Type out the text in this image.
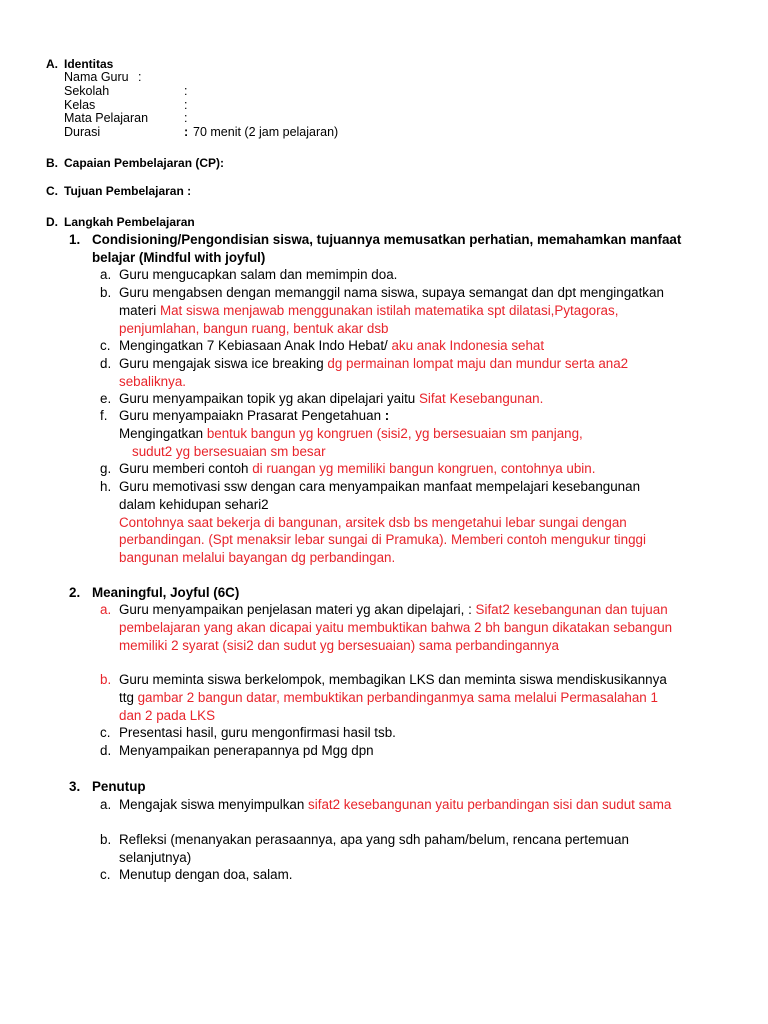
A. Identitas
Nama Guru :
Sekolah	:
Kelas	:
Mata Pelajaran	:
Durasi	: 70 menit (2 jam pelajaran)
B. Capaian Pembelajaran (CP):
C. Tujuan Pembelajaran :
D. Langkah Pembelajaran
1. Condisioning/Pengondisian siswa, tujuannya memusatkan perhatian, memahamkan manfaat belajar (Mindful with joyful)
a. Guru mengucapkan salam dan memimpin doa.
b. Guru mengabsen dengan memanggil nama siswa, supaya semangat dan dpt mengingatkan materi Mat siswa menjawab menggunakan istilah matematika spt dilatasi,Pytagoras, penjumlahan, bangun ruang, bentuk akar dsb
c. Mengingatkan 7 Kebiasaan Anak Indo Hebat/ aku anak Indonesia sehat
d. Guru mengajak siswa ice breaking dg permainan lompat maju dan mundur serta ana2 sebaliknya.
e. Guru menyampaikan topik yg akan dipelajari yaitu Sifat Kesebangunan.
f. Guru menyampaiakn Prasarat Pengetahuan :
Mengingatkan bentuk bangun yg kongruen (sisi2, yg bersesuaian sm panjang,
sudut2 yg bersesuaian sm besar
g. Guru memberi contoh di ruangan yg memiliki bangun kongruen, contohnya ubin.
h. Guru memotivasi ssw dengan cara menyampaikan manfaat mempelajari kesebangunan dalam kehidupan sehari2
Contohnya saat bekerja di bangunan, arsitek dsb bs mengetahui lebar sungai dengan perbandingan. (Spt menaksir lebar sungai di Pramuka). Memberi contoh mengukur tinggi bangunan melalui bayangan dg perbandingan.
2. Meaningful, Joyful (6C)
a. Guru menyampaikan penjelasan materi yg akan dipelajari, : Sifat2 kesebangunan dan tujuan pembelajaran yang akan dicapai yaitu membuktikan bahwa 2 bh bangun dikatakan sebangun memiliki 2 syarat (sisi2 dan sudut yg bersesuaian) sama perbandingannya
b. Guru meminta siswa berkelompok, membagikan LKS dan meminta siswa mendiskusikannya ttg gambar 2 bangun datar, membuktikan perbandinganmya sama melalui Permasalahan 1 dan 2 pada LKS
c. Presentasi hasil, guru mengonfirmasi hasil tsb.
d. Menyampaikan penerapannya pd Mgg dpn
3. Penutup
a. Mengajak siswa menyimpulkan sifat2 kesebangunan yaitu perbandingan sisi dan sudut sama
b. Refleksi (menanyakan perasaannya, apa yang sdh paham/belum, rencana pertemuan selanjutnya)
c. Menutup dengan doa, salam.
